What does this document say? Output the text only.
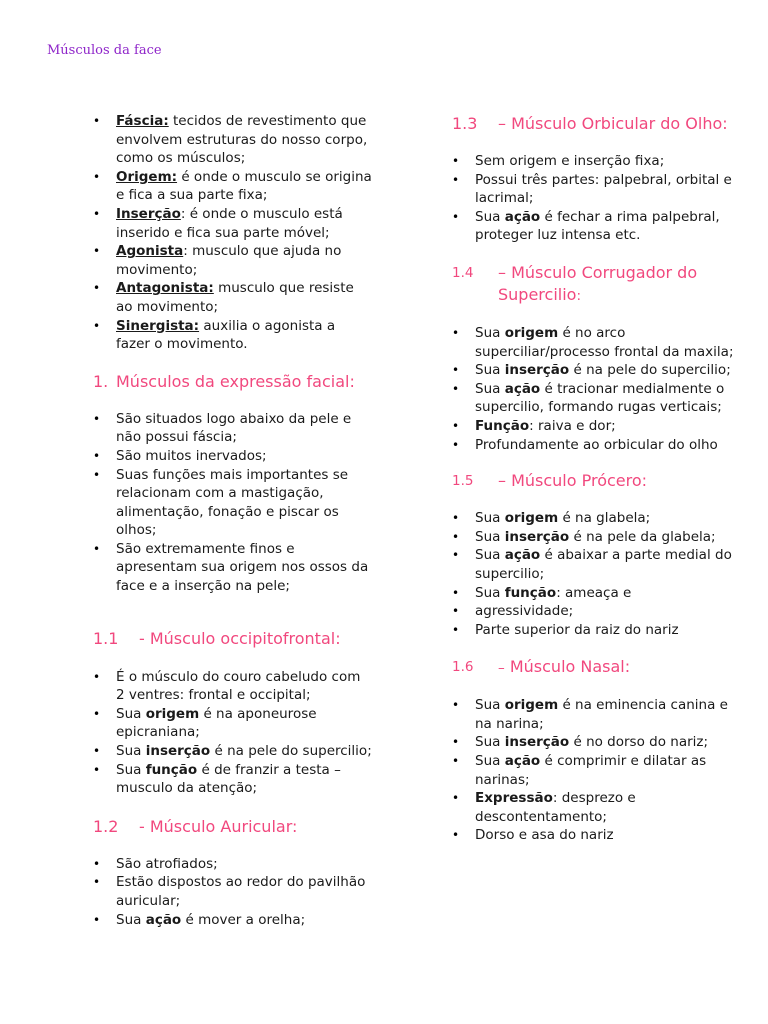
Músculos da face
• Fáscia: tecidos de revestimento que envolvem estruturas do nosso corpo, como os músculos;
• Origem: é onde o musculo se origina e fica a sua parte fixa;
• Inserção: é onde o musculo está inserido e fica sua parte móvel;
• Agonista: musculo que ajuda no movimento;
• Antagonista: musculo que resiste ao movimento;
• Sinergista: auxilia o agonista a fazer o movimento.
1. Músculos da expressão facial:
• São situados logo abaixo da pele e não possui fáscia;
• São muitos inervados;
• Suas funções mais importantes se relacionam com a mastigação, alimentação, fonação e piscar os olhos;
• São extremamente finos e apresentam sua origem nos ossos da face e a inserção na pele;
1.1	- Músculo occipitofrontal:
• É o músculo do couro cabeludo com 2 ventres: frontal e occipital;
• Sua origem é na aponeurose epicraniana;
• Sua inserção é na pele do supercilio;
• Sua função é de franzir a testa – musculo da atenção;
1.2	- Músculo Auricular:
• São atrofiados;
• Estão dispostos ao redor do pavilhão auricular;
• Sua ação é mover a orelha;
1.3	– Músculo Orbicular do Olho:
• Sem origem e inserção fixa;
• Possui três partes: palpebral, orbital e lacrimal;
• Sua ação é fechar a rima palpebral, proteger luz intensa etc.
1.4	– Músculo Corrugador do Supercilio:
• Sua origem é no arco superciliar/processo frontal da maxila;
• Sua inserção é na pele do supercilio;
• Sua ação é tracionar medialmente o supercilio, formando rugas verticais;
• Função: raiva e dor;
• Profundamente ao orbicular do olho
1.5	– Músculo Prócero:
• Sua origem é na glabela;
• Sua inserção é na pele da glabela;
• Sua ação é abaixar a parte medial do supercilio;
• Sua função: ameaça e
• agressividade;
• Parte superior da raiz do nariz
1.6	– Músculo Nasal:
• Sua origem é na eminencia canina e na narina;
• Sua inserção é no dorso do nariz;
• Sua ação é comprimir e dilatar as narinas;
• Expressão: desprezo e descontentamento;
• Dorso e asa do nariz
